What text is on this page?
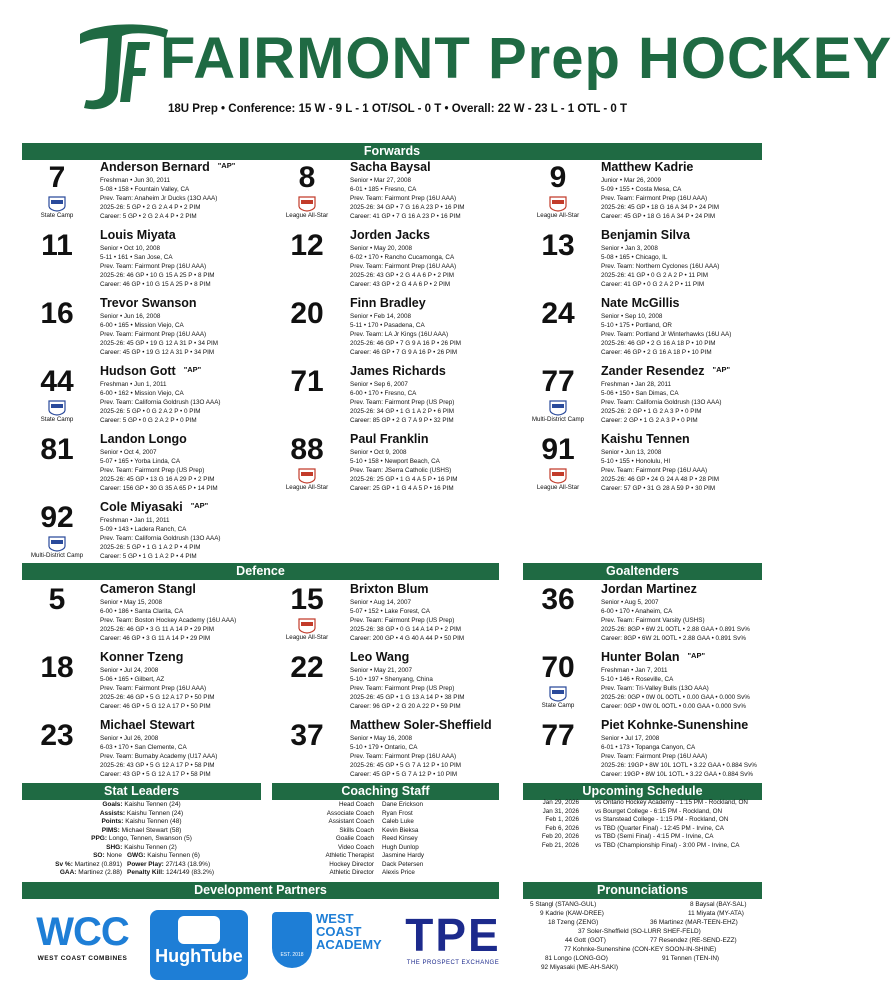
FAIRMONT Prep HOCKEY
18U Prep • Conference: 15 W - 9 L - 1 OT/SOL - 0 T • Overall: 22 W - 23 L - 1 OTL - 0 T
Forwards
7
State Camp
Anderson Bernard $^{"AP"}$
Freshman • Jun 30, 2011
5-08 • 158 • Fountain Valley, CA
Prev. Team: Anaheim Jr Ducks (13O AAA)
2025-26: 5 GP • 2 G 2 A 4 P • 2 PIM
Career: 5 GP • 2 G 2 A 4 P • 2 PIM
8
League All-Star
Sacha Baysal
Senior • Mar 27, 2008
6-01 • 185 • Fresno, CA
Prev. Team: Fairmont Prep (16U AAA)
2025-26: 34 GP • 7 G 16 A 23 P • 16 PIM
Career: 41 GP • 7 G 16 A 23 P • 16 PIM
9
League All-Star
Matthew Kadrie
Junior • Mar 26, 2009
5-09 • 155 • Costa Mesa, CA
Prev. Team: Fairmont Prep (16U AAA)
2025-26: 45 GP • 18 G 16 A 34 P • 24 PIM
Career: 45 GP • 18 G 16 A 34 P • 24 PIM
11	Louis Miyata
Senior • Oct 10, 2008
5-11 • 161 • San Jose, CA
Prev. Team: Fairmont Prep (16U AAA)
2025-26: 46 GP • 10 G 15 A 25 P • 8 PIM
Career: 46 GP • 10 G 15 A 25 P • 8 PIM
12	Jorden Jacks
Senior • May 20, 2008
6-02 • 170 • Rancho Cucamonga, CA
Prev. Team: Fairmont Prep (16U AAA)
2025-26: 43 GP • 2 G 4 A 6 P • 2 PIM
Career: 43 GP • 2 G 4 A 6 P • 2 PIM
13	Benjamin Silva
Senior • Jan 3, 2008
5-08 • 165 • Chicago, IL
Prev. Team: Northern Cyclones (16U AAA)
2025-26: 41 GP • 0 G 2 A 2 P • 11 PIM
Career: 41 GP • 0 G 2 A 2 P • 11 PIM
16	Trevor Swanson
Senior • Jun 16, 2008
6-00 • 165 • Mission Viejo, CA
Prev. Team: Fairmont Prep (16U AAA)
2025-26: 45 GP • 19 G 12 A 31 P • 34 PIM
Career: 45 GP • 19 G 12 A 31 P • 34 PIM
20	Finn Bradley
Senior • Feb 14, 2008
5-11 • 170 • Pasadena, CA
Prev. Team: LA Jr Kings (16U AAA)
2025-26: 46 GP • 7 G 9 A 16 P • 26 PIM
Career: 46 GP • 7 G 9 A 16 P • 26 PIM
24	Nate McGillis
Senior • Sep 10, 2008
5-10 • 175 • Portland, OR
Prev. Team: Portland Jr Winterhawks (16U AA)
2025-26: 46 GP • 2 G 16 A 18 P • 10 PIM
Career: 46 GP • 2 G 16 A 18 P • 10 PIM
44
State Camp
Hudson Gott $^{"AP"}$
Freshman • Jun 1, 2011
6-00 • 162 • Mission Viejo, CA
Prev. Team: California Goldrush (13O AAA)
2025-26: 5 GP • 0 G 2 A 2 P • 0 PIM
Career: 5 GP • 0 G 2 A 2 P • 0 PIM
71	James Richards
Senior • Sep 6, 2007
6-00 • 170 • Fresno, CA
Prev. Team: Fairmont Prep (US Prep)
2025-26: 34 GP • 1 G 1 A 2 P • 6 PIM
Career: 85 GP • 2 G 7 A 9 P • 32 PIM
77
Multi-District Camp
Zander Resendez $^{"AP"}$
Freshman • Jan 28, 2011
5-06 • 150 • San Dimas, CA
Prev. Team: California Goldrush (13O AAA)
2025-26: 2 GP • 1 G 2 A 3 P • 0 PIM
Career: 2 GP • 1 G 2 A 3 P • 0 PIM
81	Landon Longo
Senior • Oct 4, 2007
5-07 • 165 • Yorba Linda, CA
Prev. Team: Fairmont Prep (US Prep)
2025-26: 45 GP • 13 G 16 A 29 P • 2 PIM
Career: 156 GP • 30 G 35 A 65 P • 14 PIM
88
League All-Star
Paul Franklin
Senior • Oct 9, 2008
5-10 • 158 • Newport Beach, CA
Prev. Team: JSerra Catholic (USHS)
2025-26: 25 GP • 1 G 4 A 5 P • 16 PIM
Career: 25 GP • 1 G 4 A 5 P • 16 PIM
91
League All-Star
Kaishu Tennen
Senior • Jun 13, 2008
5-10 • 155 • Honolulu, HI
Prev. Team: Fairmont Prep (16U AAA)
2025-26: 46 GP • 24 G 24 A 48 P • 28 PIM
Career: 57 GP • 31 G 28 A 59 P • 30 PIM
92
Multi-District Camp
Cole Miyasaki $^{"AP"}$
Freshman • Jan 11, 2011
5-09 • 143 • Ladera Ranch, CA
Prev. Team: California Goldrush (13O AAA)
2025-26: 5 GP • 1 G 1 A 2 P • 4 PIM
Career: 5 GP • 1 G 1 A 2 P • 4 PIM
5	Cameron Stangl
Senior • May 15, 2008
6-00 • 186 • Santa Clarita, CA
Prev. Team: Boston Hockey Academy (16U AAA)
2025-26: 46 GP • 3 G 11 A 14 P • 29 PIM
Career: 46 GP • 3 G 11 A 14 P • 29 PIM
15
League All-Star
Brixton Blum
Senior • Aug 14, 2007
5-07 • 152 • Lake Forest, CA
Prev. Team: Fairmont Prep (US Prep)
2025-26: 38 GP • 0 G 14 A 14 P • 2 PIM
Career: 200 GP • 4 G 40 A 44 P • 50 PIM
36	Jordan Martinez
Senior • Aug 5, 2007
6-00 • 170 • Anaheim, CA
Prev. Team: Fairmont Varsity (USHS)
2025-26: 8GP • 6W 2L 0OTL • 2.88 GAA • 0.891 Sv%
Career: 8GP • 6W 2L 0OTL • 2.88 GAA • 0.891 Sv%
18	Konner Tzeng
Senior • Jul 24, 2008
5-06 • 165 • Gilbert, AZ
Prev. Team: Fairmont Prep (16U AAA)
2025-26: 46 GP • 5 G 12 A 17 P • 50 PIM
Career: 46 GP • 5 G 12 A 17 P • 50 PIM
22	Leo Wang
Senior • May 21, 2007
5-10 • 197 • Shenyang, China
Prev. Team: Fairmont Prep (US Prep)
2025-26: 45 GP • 1 G 13 A 14 P • 38 PIM
Career: 96 GP • 2 G 20 A 22 P • 59 PIM
70
State Camp
Hunter Bolan $^{"AP"}$
Freshman • Jan 7, 2011
5-10 • 146 • Roseville, CA
Prev. Team: Tri-Valley Bulls (13O AAA)
2025-26: 0GP • 0W 0L 0OTL • 0.00 GAA • 0.000 Sv%
Career: 0GP • 0W 0L 0OTL • 0.00 GAA • 0.000 Sv%
23	Michael Stewart
Senior • Jul 26, 2008
6-03 • 170 • San Clemente, CA
Prev. Team: Burnaby Academy (U17 AAA)
2025-26: 43 GP • 5 G 12 A 17 P • 58 PIM
Career: 43 GP • 5 G 12 A 17 P • 58 PIM
37	Matthew Soler-Sheffield
Senior • May 16, 2008
5-10 • 179 • Ontario, CA
Prev. Team: Fairmont Prep (16U AAA)
2025-26: 45 GP • 5 G 7 A 12 P • 10 PIM
Career: 45 GP • 5 G 7 A 12 P • 10 PIM
77	Piet Kohnke-Sunenshine
Senior • Jul 17, 2008
6-01 • 173 • Topanga Canyon, CA
Prev. Team: Fairmont Prep (16U AAA)
2025-26: 19GP • 8W 10L 1OTL • 3.22 GAA • 0.884 Sv%
Career: 19GP • 8W 10L 1OTL • 3.22 GAA • 0.884 Sv%
Defence	Goaltenders
Stat Leaders	Coaching Staff	Upcoming Schedule
Goals: Kaishu Tennen (24)
Assists: Kaishu Tennen (24)
Points: Kaishu Tennen (48)
PIMS: Michael Stewart (58)
PPG: Longo, Tennen, Swanson (5)
SHG: Kaishu Tennen (2)
SO: None GWG: Kaishu Tennen (6)
Sv %: Martinez (0.891) Power Play: 27/143 (18.9%)
GAA: Martinez (2.88) Penalty Kill: 124/149 (83.2%)
Head Coach Dane Erickson
Associate Coach Ryan Frost
Assistant Coach Caleb Luke
Skills Coach Kevin Bieksa
Goalie Coach Reed Kinsey
Video Coach Hugh Dunlop
Athletic Therapist Jasmine Hardy
Hockey Director Dack Petersen
Athletic Director Alexis Price
Jan 29, 2026	vs Ontario Hockey Academy - 1:15 PM - Rockland, ON
Jan 31, 2026	vs Bourget College - 6:15 PM - Rockland, ON
Feb 1, 2026	vs Stanstead College - 1:15 PM - Rockland, ON
Feb 6, 2026	vs TBD (Quarter Final) - 12:45 PM - Irvine, CA
Feb 20, 2026	vs TBD (Semi Final) - 4:15 PM - Irvine, CA
Feb 21, 2026	vs TBD (Championship Final) - 3:00 PM - Irvine, CA
Development Partners	Pronunciations
WCC
WEST COAST COMBINES HughTube	EST. 2018
WEST COAST ACADEMY TPE
THE PROSPECT EXCHANGE
5 Stangl (STANG-GUL)	8 Baysal (BAY-SAL)
9 Kadrie (KAW-DREE)	11 Miyata (MY-ATA)
18 Tzeng (ZENG)	36 Martinez (MAR-TEEN-EHZ)
37 Soler-Sheffield (SO-LURR SHEF-FELD)
44 Gott (GOT)	77 Resendez (RE-SEND-EZZ)
77 Kohnke-Sunenshine (CON-KEY SOON-IN-SHINE)
81 Longo (LONG-GO)	91 Tennen (TEN-IN)
92 Miyasaki (ME-AH-SAKI)
